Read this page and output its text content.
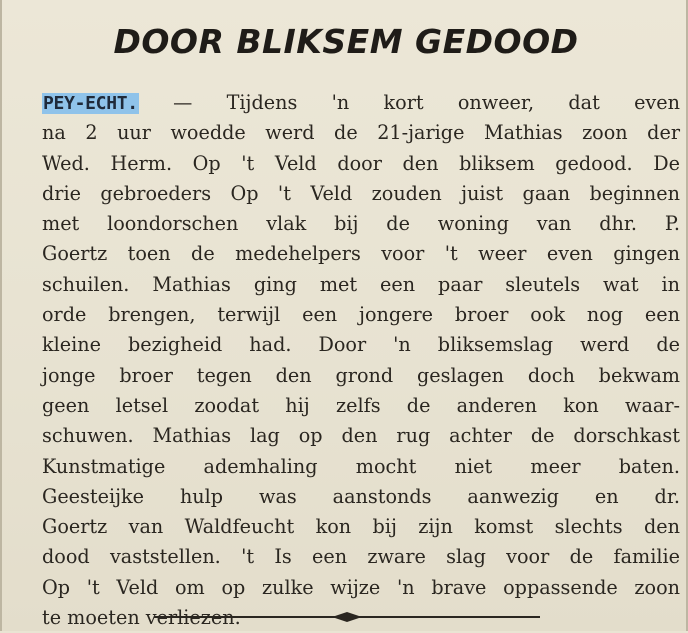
DOOR BLIKSEM GEDOOD
PEY-ECHT. — Tijdens 'n kort onweer, dat even
na 2 uur woedde werd de 21-jarige Mathias zoon der
Wed. Herm. Op 't Veld door den bliksem gedood. De
drie gebroeders Op 't Veld zouden juist gaan beginnen
met loondorschen vlak bij de woning van dhr. P.
Goertz toen de medehelpers voor 't weer even gingen
schuilen. Mathias ging met een paar sleutels wat in
orde brengen, terwijl een jongere broer ook nog een
kleine bezigheid had. Door 'n bliksemslag werd de
jonge broer tegen den grond geslagen doch bekwam
geen letsel zoodat hij zelfs de anderen kon waar-
schuwen. Mathias lag op den rug achter de dorschkast
Kunstmatige ademhaling mocht niet meer baten.
Geesteijke hulp was aanstonds aanwezig en dr.
Goertz van Waldfeucht kon bij zijn komst slechts den
dood vaststellen. 't Is een zware slag voor de familie
Op 't Veld om op zulke wijze 'n brave oppassende zoon
te moeten verliezen.
